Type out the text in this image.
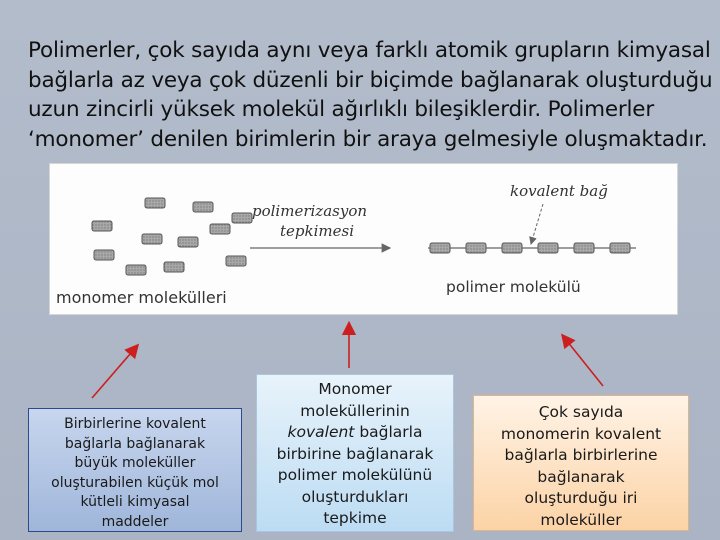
Polimerler, çok sayıda aynı veya farklı atomik grupların kimyasal
bağlarla az veya çok düzenli bir biçimde bağlanarak oluşturduğu
uzun zincirli yüksek molekül ağırlıklı bileşiklerdir. Polimerler
‘monomer’ denilen birimlerin bir araya gelmesiyle oluşmaktadır.
monomer molekülleri
polimerizasyon
tepkimesi
kovalent bağ
polimer molekülü
Birbirlerine kovalent
bağlarla bağlanarak
büyük moleküller
oluşturabilen küçük mol
kütleli kimyasal
maddeler
Monomer
moleküllerinin
kovalent bağlarla
birbirine bağlanarak
polimer molekülünü
oluşturdukları
tepkime
Çok sayıda
monomerin kovalent
bağlarla birbirlerine
bağlanarak
oluşturduğu iri
moleküller
